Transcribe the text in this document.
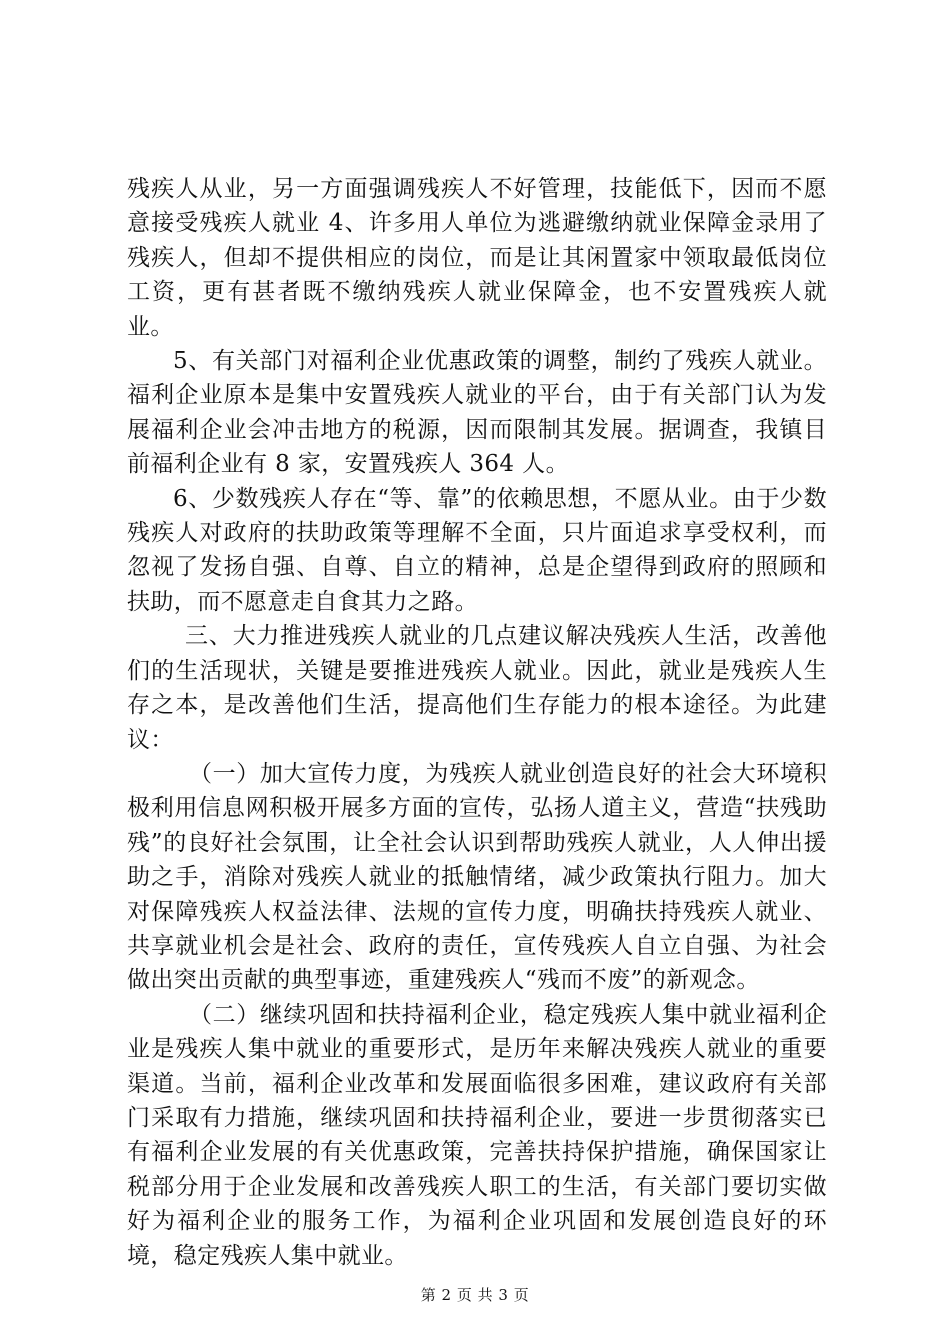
残疾人从业，另一方面强调残疾人不好管理，技能低下，因而不愿意接受残疾人就业 4、许多用人单位为逃避缴纳就业保障金录用了残疾人，但却不提供相应的岗位，而是让其闲置家中领取最低岗位工资，更有甚者既不缴纳残疾人就业保障金，也不安置残疾人就业。

5、有关部门对福利企业优惠政策的调整，制约了残疾人就业。福利企业原本是集中安置残疾人就业的平台，由于有关部门认为发展福利企业会冲击地方的税源，因而限制其发展。据调查，我镇目前福利企业有 8 家，安置残疾人 364 人。

6、少数残疾人存在“等、靠”的依赖思想，不愿从业。由于少数残疾人对政府的扶助政策等理解不全面，只片面追求享受权利，而忽视了发扬自强、自尊、自立的精神，总是企望得到政府的照顾和扶助，而不愿意走自食其力之路。

三、大力推进残疾人就业的几点建议解决残疾人生活，改善他们的生活现状，关键是要推进残疾人就业。因此，就业是残疾人生存之本，是改善他们生活，提高他们生存能力的根本途径。为此建议：

（一）加大宣传力度，为残疾人就业创造良好的社会大环境积极利用信息网积极开展多方面的宣传，弘扬人道主义，营造“扶残助残”的良好社会氛围，让全社会认识到帮助残疾人就业，人人伸出援助之手，消除对残疾人就业的抵触情绪，减少政策执行阻力。加大对保障残疾人权益法律、法规的宣传力度，明确扶持残疾人就业、共享就业机会是社会、政府的责任，宣传残疾人自立自强、为社会做出突出贡献的典型事迹，重建残疾人“残而不废”的新观念。

（二）继续巩固和扶持福利企业，稳定残疾人集中就业福利企业是残疾人集中就业的重要形式，是历年来解决残疾人就业的重要渠道。当前，福利企业改革和发展面临很多困难，建议政府有关部门采取有力措施，继续巩固和扶持福利企业，要进一步贯彻落实已有福利企业发展的有关优惠政策，完善扶持保护措施，确保国家让税部分用于企业发展和改善残疾人职工的生活，有关部门要切实做好为福利企业的服务工作，为福利企业巩固和发展创造良好的环境，稳定残疾人集中就业。

第 2 页 共 3 页
